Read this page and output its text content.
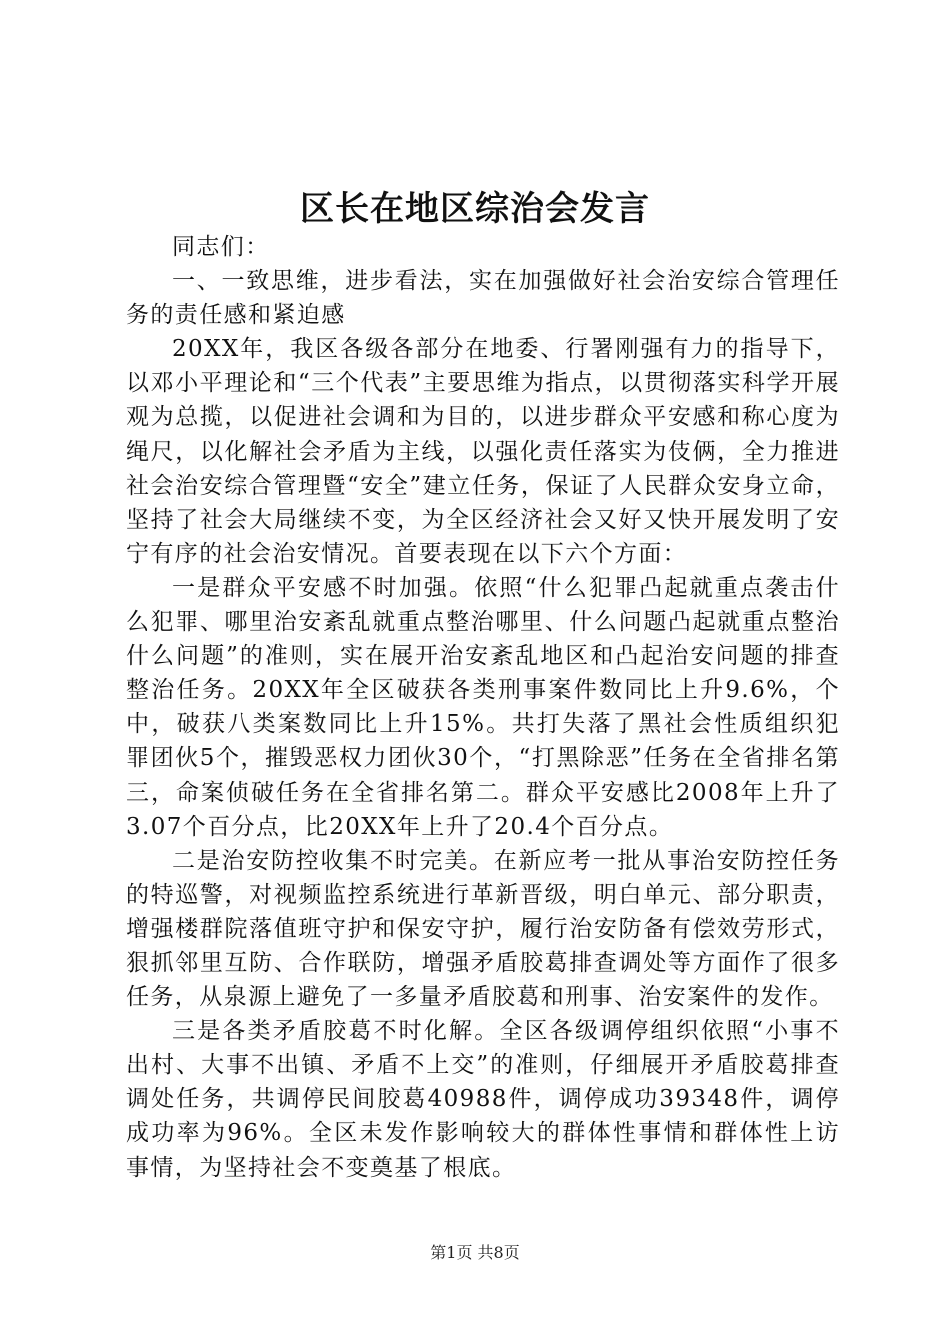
区长在地区综治会发言

同志们：

一、一致思维，进步看法，实在加强做好社会治安综合管理任务的责任感和紧迫感

20XX年，我区各级各部分在地委、行署刚强有力的指导下，以邓小平理论和“三个代表”主要思维为指点，以贯彻落实科学开展观为总揽，以促进社会调和为目的，以进步群众平安感和称心度为绳尺，以化解社会矛盾为主线，以强化责任落实为伎俩，全力推进社会治安综合管理暨“安全”建立任务，保证了人民群众安身立命，坚持了社会大局继续不变，为全区经济社会又好又快开展发明了安宁有序的社会治安情况。首要表现在以下六个方面：

一是群众平安感不时加强。依照“什么犯罪凸起就重点袭击什么犯罪、哪里治安紊乱就重点整治哪里、什么问题凸起就重点整治什么问题”的准则，实在展开治安紊乱地区和凸起治安问题的排查整治任务。20XX年全区破获各类刑事案件数同比上升9.6%，个中，破获八类案数同比上升15%。共打失落了黑社会性质组织犯罪团伙5个，摧毁恶权力团伙30个，“打黑除恶”任务在全省排名第三，命案侦破任务在全省排名第二。群众平安感比2008年上升了3.07个百分点，比20XX年上升了20.4个百分点。

二是治安防控收集不时完美。在新应考一批从事治安防控任务的特巡警，对视频监控系统进行革新晋级，明白单元、部分职责，增强楼群院落值班守护和保安守护，履行治安防备有偿效劳形式，狠抓邻里互防、合作联防，增强矛盾胶葛排查调处等方面作了很多任务，从泉源上避免了一多量矛盾胶葛和刑事、治安案件的发作。

三是各类矛盾胶葛不时化解。全区各级调停组织依照“小事不出村、大事不出镇、矛盾不上交”的准则，仔细展开矛盾胶葛排查调处任务，共调停民间胶葛40988件，调停成功39348件，调停成功率为96%。全区未发作影响较大的群体性事情和群体性上访事情，为坚持社会不变奠基了根底。

第1页 共8页
